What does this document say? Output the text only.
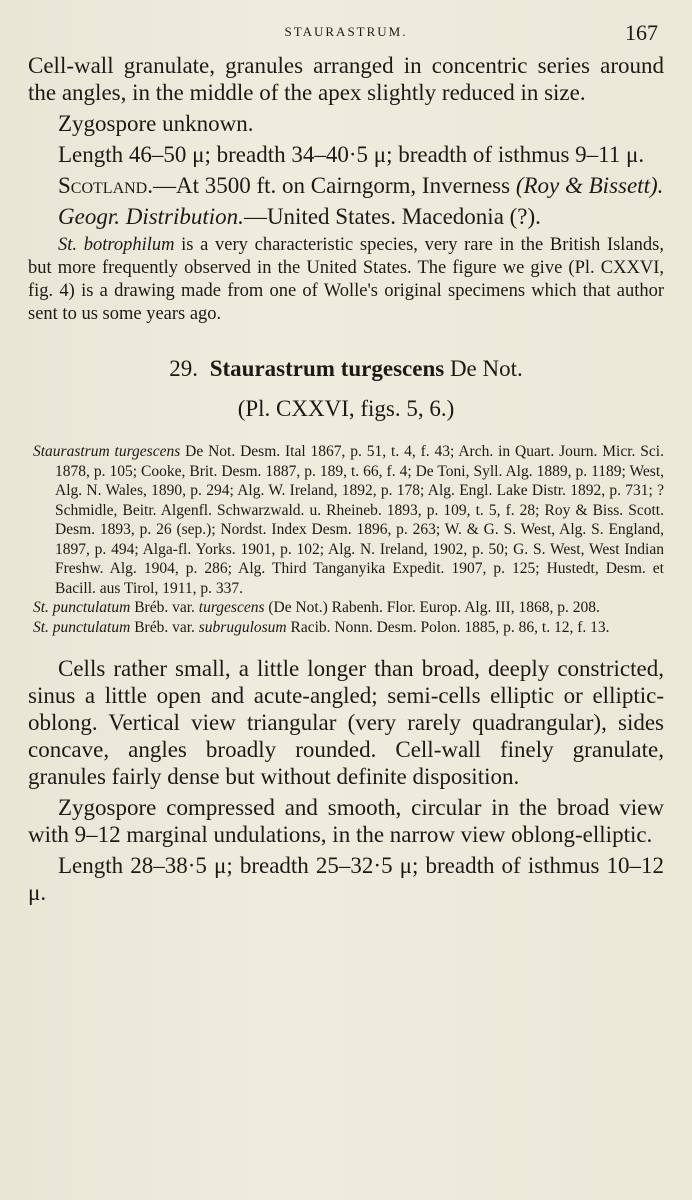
STAURASTRUM.	167

Cell-wall granulate, granules arranged in concentric series around the angles, in the middle of the apex slightly reduced in size.

Zygospore unknown.

Length 46–50 μ; breadth 34–40·5 μ; breadth of isthmus 9–11 μ.

Scotland.—At 3500 ft. on Cairngorm, Inverness (Roy & Bissett).

Geogr. Distribution.—United States. Macedonia (?).

St. botrophilum is a very characteristic species, very rare in the British Islands, but more frequently observed in the United States. The figure we give (Pl. CXXVI, fig. 4) is a drawing made from one of Wolle's original specimens which that author sent to us some years ago.

29. Staurastrum turgescens De Not.
(Pl. CXXVI, figs. 5, 6.)

Staurastrum turgescens De Not. Desm. Ital 1867, p. 51, t. 4, f. 43; Arch. in Quart. Journ. Micr. Sci. 1878, p. 105; Cooke, Brit. Desm. 1887, p. 189, t. 66, f. 4; De Toni, Syll. Alg. 1889, p. 1189; West, Alg. N. Wales, 1890, p. 294; Alg. W. Ireland, 1892, p. 178; Alg. Engl. Lake Distr. 1892, p. 731; ? Schmidle, Beitr. Algenfl. Schwarzwald. u. Rheineb. 1893, p. 109, t. 5, f. 28; Roy & Biss. Scott. Desm. 1893, p. 26 (sep.); Nordst. Index Desm. 1896, p. 263; W. & G. S. West, Alg. S. England, 1897, p. 494; Alga-fl. Yorks. 1901, p. 102; Alg. N. Ireland, 1902, p. 50; G. S. West, West Indian Freshw. Alg. 1904, p. 286; Alg. Third Tanganyika Expedit. 1907, p. 125; Hustedt, Desm. et Bacill. aus Tirol, 1911, p. 337.

St. punctulatum Bréb. var. turgescens (De Not.) Rabenh. Flor. Europ. Alg. III, 1868, p. 208.

St. punctulatum Bréb. var. subrugulosum Racib. Nonn. Desm. Polon. 1885, p. 86, t. 12, f. 13.

Cells rather small, a little longer than broad, deeply constricted, sinus a little open and acute-angled; semi-cells elliptic or elliptic-oblong. Vertical view triangular (very rarely quadrangular), sides concave, angles broadly rounded. Cell-wall finely granulate, granules fairly dense but without definite disposition.

Zygospore compressed and smooth, circular in the broad view with 9–12 marginal undulations, in the narrow view oblong-elliptic.

Length 28–38·5 μ; breadth 25–32·5 μ; breadth of isthmus 10–12 μ.
